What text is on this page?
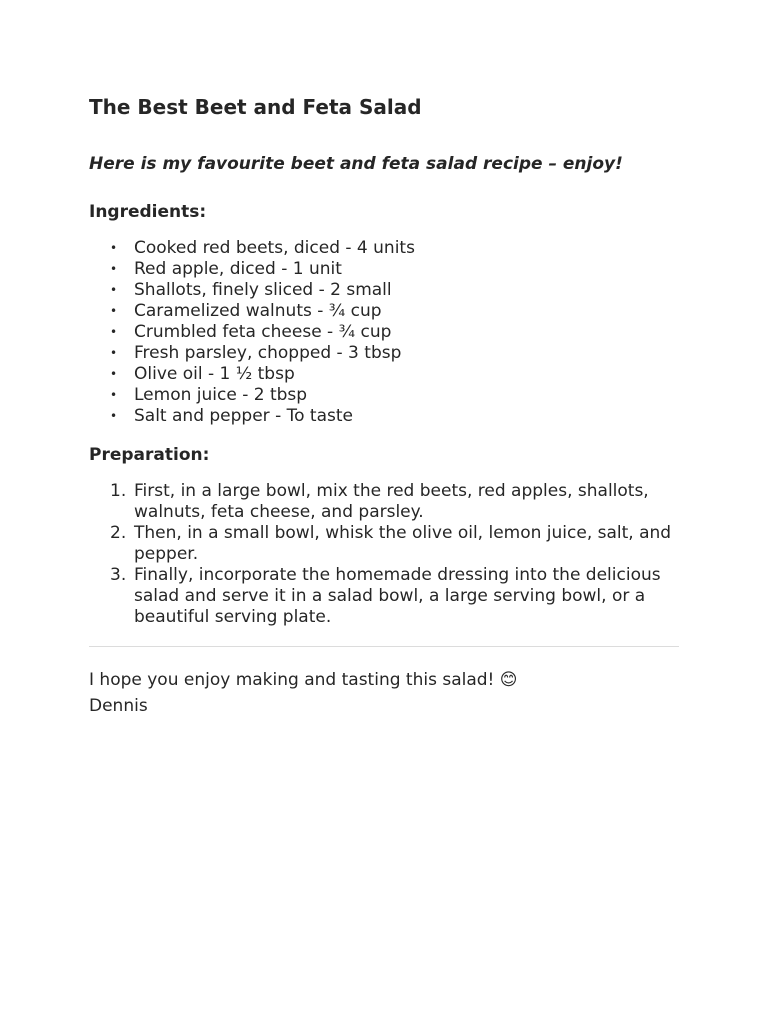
The Best Beet and Feta Salad

Here is my favourite beet and feta salad recipe – enjoy!

Ingredients:
• Cooked red beets, diced - 4 units
• Red apple, diced - 1 unit
• Shallots, finely sliced - 2 small
• Caramelized walnuts - ¾ cup
• Crumbled feta cheese - ¾ cup
• Fresh parsley, chopped - 3 tbsp
• Olive oil - 1 ½ tbsp
• Lemon juice - 2 tbsp
• Salt and pepper - To taste
Preparation:
1. First, in a large bowl, mix the red beets, red apples, shallots, walnuts, feta cheese, and parsley.
2. Then, in a small bowl, whisk the olive oil, lemon juice, salt, and pepper.
3. Finally, incorporate the homemade dressing into the delicious salad and serve it in a salad bowl, a large serving bowl, or a beautiful serving plate.

I hope you enjoy making and tasting this salad! 😊

Dennis
